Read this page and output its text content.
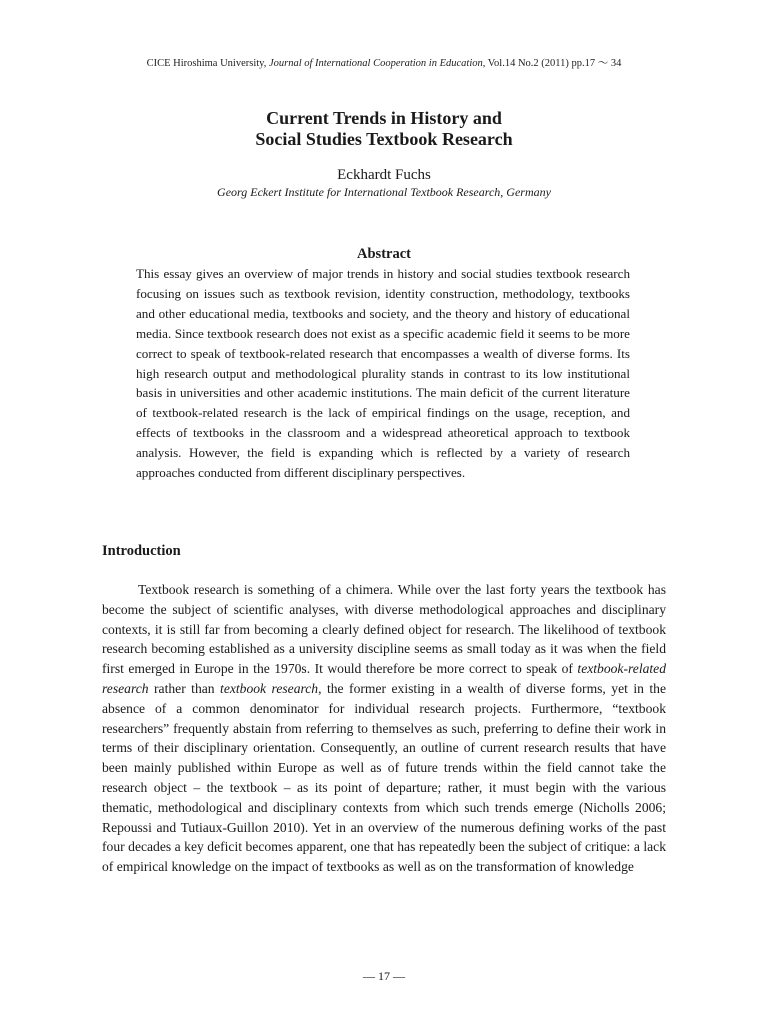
CICE Hiroshima University, Journal of International Cooperation in Education, Vol.14 No.2 (2011) pp.17 ～ 34
Current Trends in History and
Social Studies Textbook Research
Eckhardt Fuchs
Georg Eckert Institute for International Textbook Research, Germany
Abstract
This essay gives an overview of major trends in history and social studies textbook research focusing on issues such as textbook revision, identity construction, methodology, textbooks and other educational media, textbooks and society, and the theory and history of educational media. Since textbook research does not exist as a specific academic field it seems to be more correct to speak of textbook-related research that encompasses a wealth of diverse forms. Its high research output and methodological plurality stands in contrast to its low institutional basis in universities and other academic institutions. The main deficit of the current literature of textbook-related research is the lack of empirical findings on the usage, reception, and effects of textbooks in the classroom and a widespread atheoretical approach to textbook analysis. However, the field is expanding which is reflected by a variety of research approaches conducted from different disciplinary perspectives.
Introduction
Textbook research is something of a chimera. While over the last forty years the textbook has become the subject of scientific analyses, with diverse methodological approaches and disciplinary contexts, it is still far from becoming a clearly defined object for research. The likelihood of textbook research becoming established as a university discipline seems as small today as it was when the field first emerged in Europe in the 1970s. It would therefore be more correct to speak of textbook-related research rather than textbook research, the former existing in a wealth of diverse forms, yet in the absence of a common denominator for individual research projects. Furthermore, “textbook researchers” frequently abstain from referring to themselves as such, preferring to define their work in terms of their disciplinary orientation. Consequently, an outline of current research results that have been mainly published within Europe as well as of future trends within the field cannot take the research object – the textbook – as its point of departure; rather, it must begin with the various thematic, methodological and disciplinary contexts from which such trends emerge (Nicholls 2006; Repoussi and Tutiaux-Guillon 2010). Yet in an overview of the numerous defining works of the past four decades a key deficit becomes apparent, one that has repeatedly been the subject of critique: a lack of empirical knowledge on the impact of textbooks as well as on the transformation of knowledge
― 17 ―
